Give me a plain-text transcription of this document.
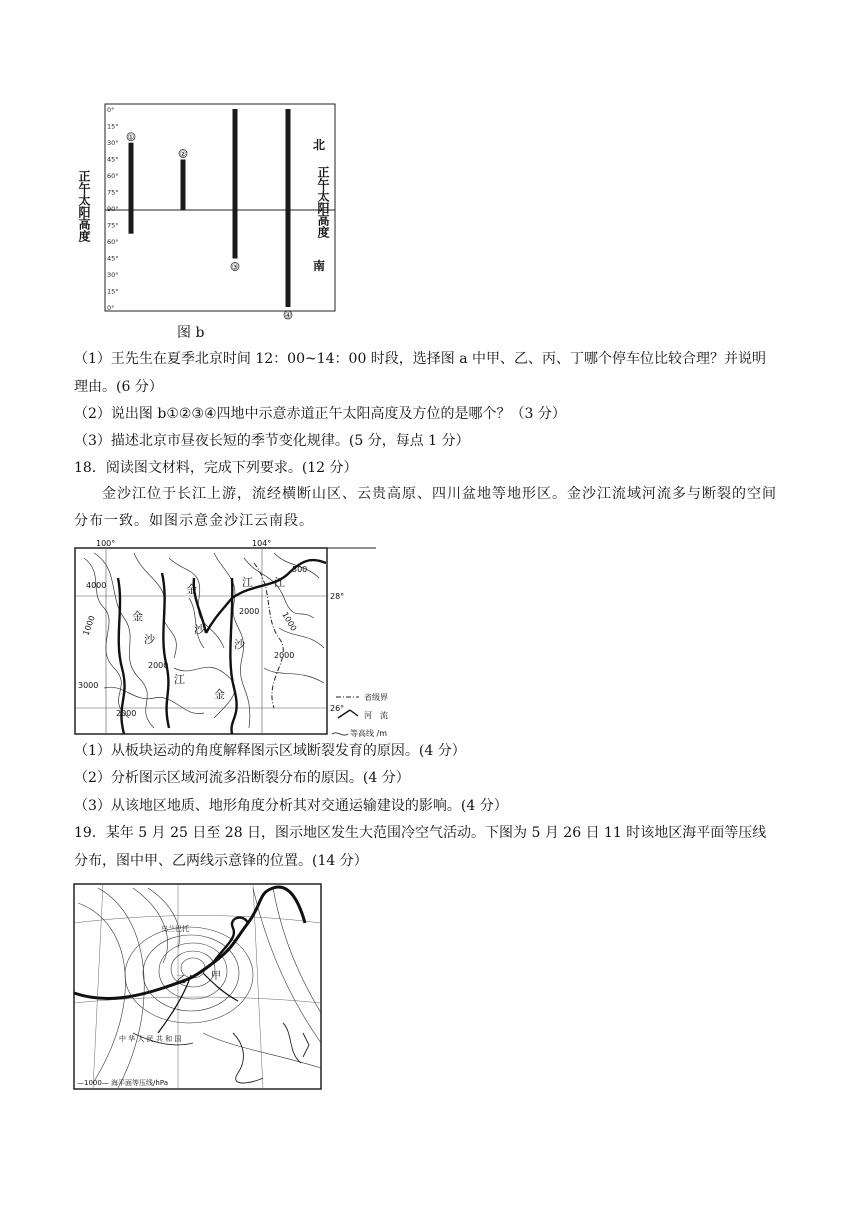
0°
15°
30°
45°
60°
75°
90°
75°
60°
45°
30°
15°
0°
①
②
③
④
正午太阳高度
北
正午太阳高度
南
图 b
（1）王先生在夏季北京时间 12：00~14：00 时段，选择图 a 中甲、乙、丙、丁哪个停车位比较合理？并说明
理由。(6 分）
（2）说出图 b①②③④四地中示意赤道正午太阳高度及方位的是哪个？（3 分）
（3）描述北京市昼夜长短的季节变化规律。(5 分，每点 1 分）
18．阅读图文材料，完成下列要求。(12 分）
金沙江位于长江上游，流经横断山区、云贵高原、四川盆地等地形区。金沙江流域河流多与断裂的空间分布一致。如图示意金沙江云南段。
100°	104°
28°
26°
4000
1000
2000
3000
2000
2000	1000
2000
500
金
沙
江
金
沙
江
金
沙
江
省级界
河　流
等高线 /m
（1）从板块运动的角度解释图示区域断裂发育的原因。(4 分）
（2）分析图示区域河流多沿断裂分布的原因。(4 分）
（3）从该地区地质、地形角度分析其对交通运输建设的影响。(4 分）
19．某年 5 月 25 日至 28 日，图示地区发生大范围冷空气活动。下图为 5 月 26 日 11 时该地区海平面等压线
分布，图中甲、乙两线示意锋的位置。(14 分）
乌兰巴托
甲
乙
中 华 人 民 共 和 国
—1000— 海平面等压线/hPa
